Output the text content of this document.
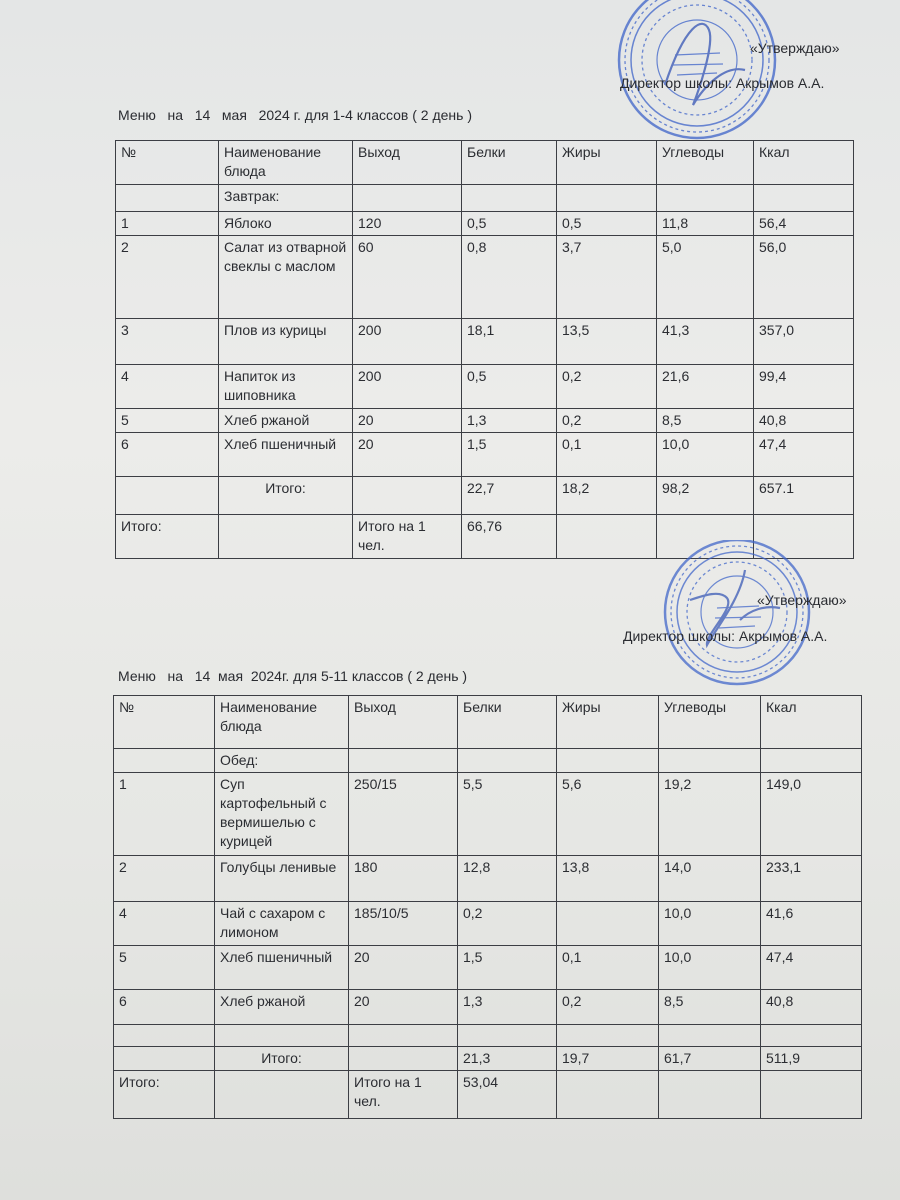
«Утверждаю»
Директор школы: Акрымов А.А.
Меню   на   14   мая   2024 г. для 1-4 классов ( 2 день )
№	Наименование блюда	Выход	Белки	Жиры	Углеводы	Ккал
	Завтрак:					
1	Яблоко	120	0,5	0,5	11,8	56,4
2	Салат из отварной свеклы с маслом	60	0,8	3,7	5,0	56,0
3	Плов из курицы	200	18,1	13,5	41,3	357,0
4	Напиток из шиповника	200	0,5	0,2	21,6	99,4
5	Хлеб ржаной	20	1,3	0,2	8,5	40,8
6	Хлеб пшеничный	20	1,5	0,1	10,0	47,4
	Итого:		22,7	18,2	98,2	657.1
Итого:		Итого на 1 чел.	66,76			
«Утверждаю»
Директор школы: Акрымов А.А.
Меню   на   14  мая  2024г. для 5-11 классов ( 2 день )
№	Наименование блюда	Выход	Белки	Жиры	Углеводы	Ккал
	Обед:					
1	Суп картофельный с вермишелью с курицей	250/15	5,5	5,6	19,2	149,0
2	Голубцы ленивые	180	12,8	13,8	14,0	233,1
4	Чай с сахаром с лимоном	185/10/5	0,2		10,0	41,6
5	Хлеб пшеничный	20	1,5	0,1	10,0	47,4
6	Хлеб ржаной	20	1,3	0,2	8,5	40,8

	Итого:		21,3	19,7	61,7	511,9
Итого:		Итого на 1 чел.	53,04			
